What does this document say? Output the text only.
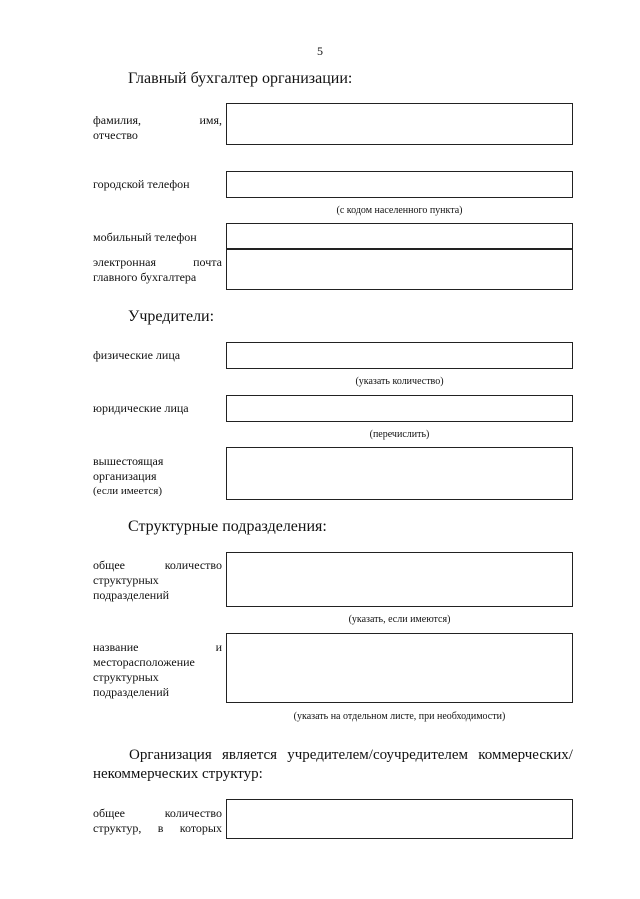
5
Главный бухгалтер организации:
фамилия,	имя,
отчество
городской телефон
(с кодом населенного пункта)
мобильный телефон
электронная	почта
главного бухгалтера
Учредители:
физические лица
(указать количество)
юридические лица
(перечислить)
вышестоящая
организация
(если имеется)
Структурные подразделения:
общее	количество
структурных
подразделений
(указать, если имеются)
название	и
месторасположение
структурных
подразделений
(указать на отдельном листе, при необходимости)
Организация является учредителем/соучредителем коммерческих/
некоммерческих структур:
общее	количество
структур, в которых
